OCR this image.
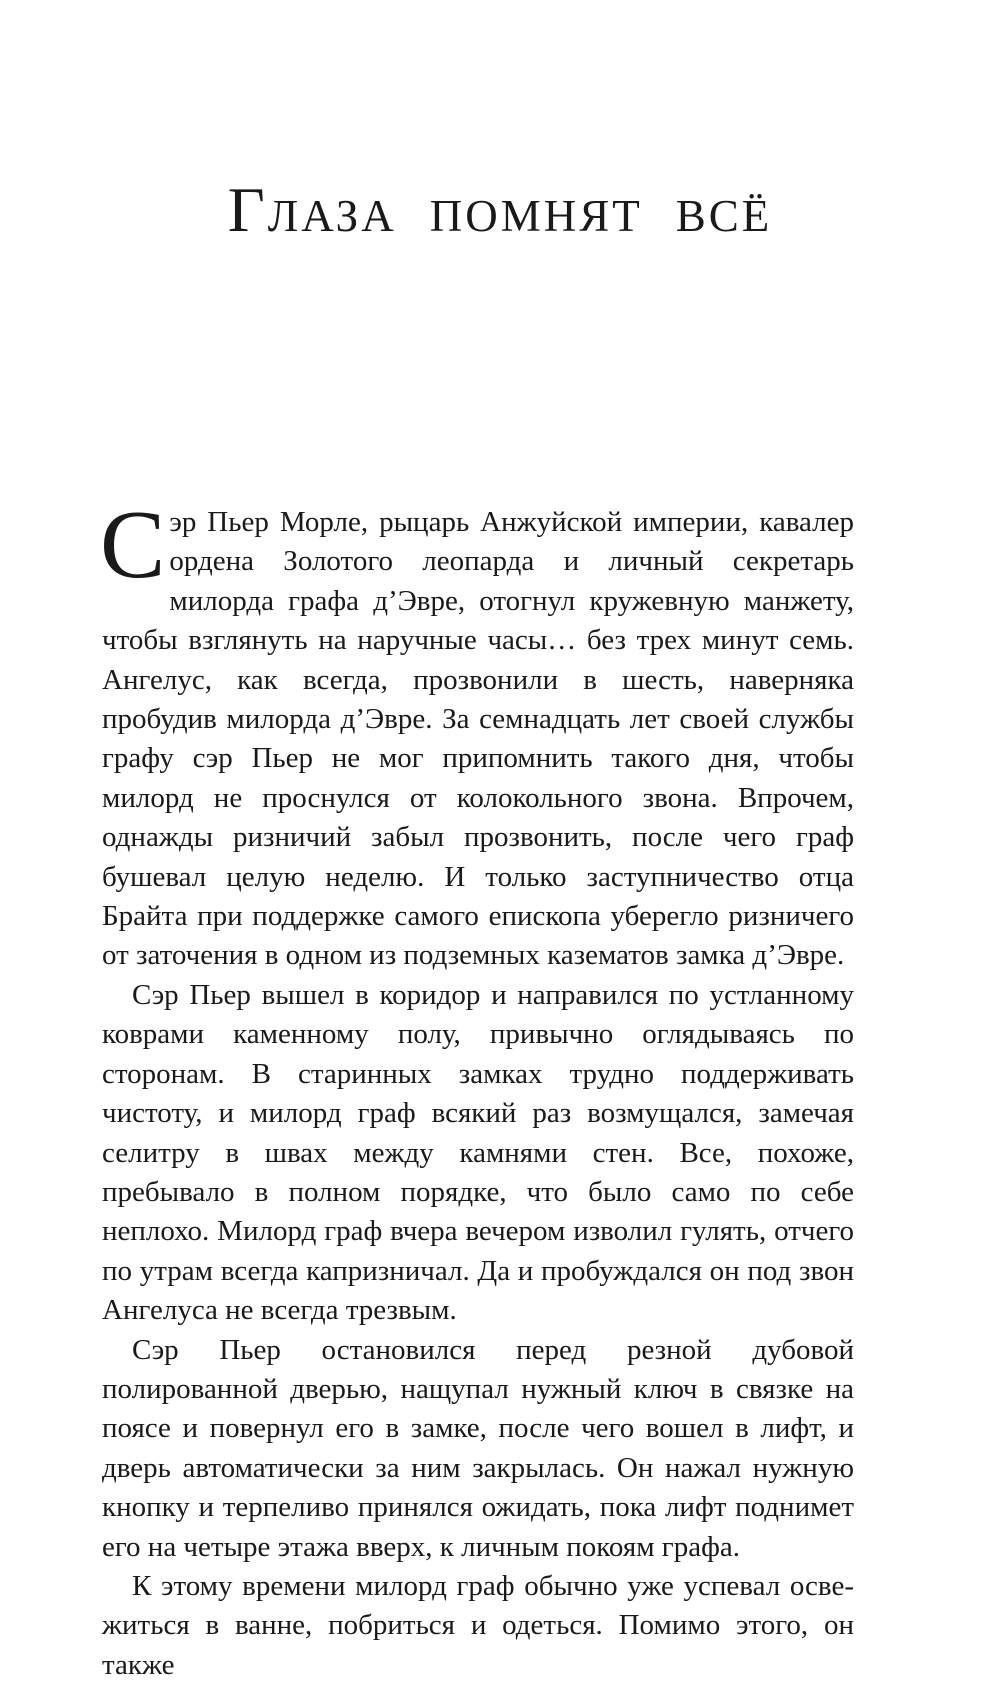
Глаза помнят всё

Сэр Пьер Морле, рыцарь Анжуйской империи, кавалер ордена Золотого леопарда и личный секретарь милорда графа д’Эвре, отогнул кружевную манжету, чтобы взглянуть на наручные часы… без трех минут семь. Ангелус, как всегда, прозвонили в шесть, наверняка пробудив милорда д’Эвре. За семнадцать лет своей службы графу сэр Пьер не мог припомнить такого дня, чтобы милорд не проснулся от колокольного звона. Впрочем, однажды ризничий забыл прозвонить, после чего граф бушевал целую неделю. И только заступничество отца Брайта при поддержке самого епископа уберегло ризничего от заточения в одном из подземных казематов замка д’Эвре.

Сэр Пьер вышел в коридор и направился по устланному коврами каменному полу, привычно оглядываясь по сторонам. В старинных замках трудно поддерживать чистоту, и милорд граф всякий раз возмущался, замечая селитру в швах между камнями стен. Все, похоже, пребывало в полном порядке, что было само по себе неплохо. Милорд граф вчера вечером изволил гулять, отчего по утрам всегда капризничал. Да и пробуждался он под звон Ангелуса не всегда трезвым.

Сэр Пьер остановился перед резной дубовой полированной дверью, нащупал нужный ключ в связке на поясе и повернул его в замке, после чего вошел в лифт, и дверь автоматически за ним закрылась. Он нажал нужную кнопку и терпеливо принялся ожидать, пока лифт поднимет его на четыре этажа вверх, к личным покоям графа.

К этому времени милорд граф обычно уже успевал освежиться в ванне, побриться и одеться. Помимо этого, он также
